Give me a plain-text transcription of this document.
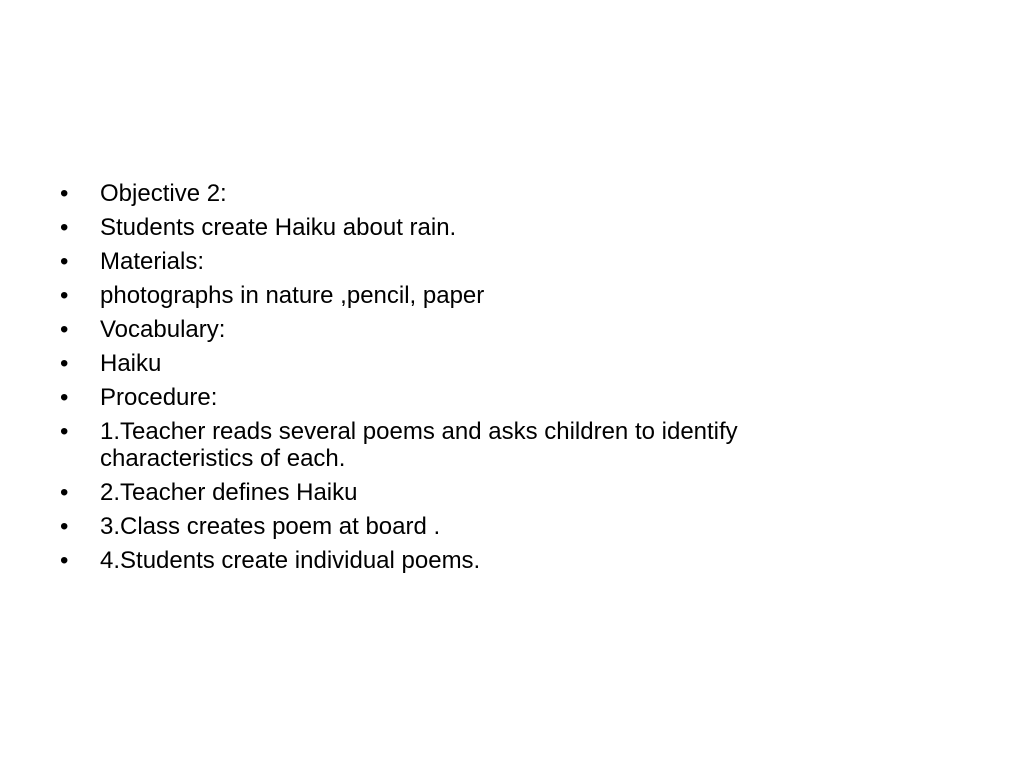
•	Objective 2:
•	Students create Haiku about rain.
•	Materials:
•	photographs in nature ,pencil, paper
•	Vocabulary:
•	Haiku
•	Procedure:
•	1.Teacher reads several poems and asks children to identify characteristics of each.
•	2.Teacher defines Haiku
•	3.Class creates poem at board .
•	4.Students create individual poems.
